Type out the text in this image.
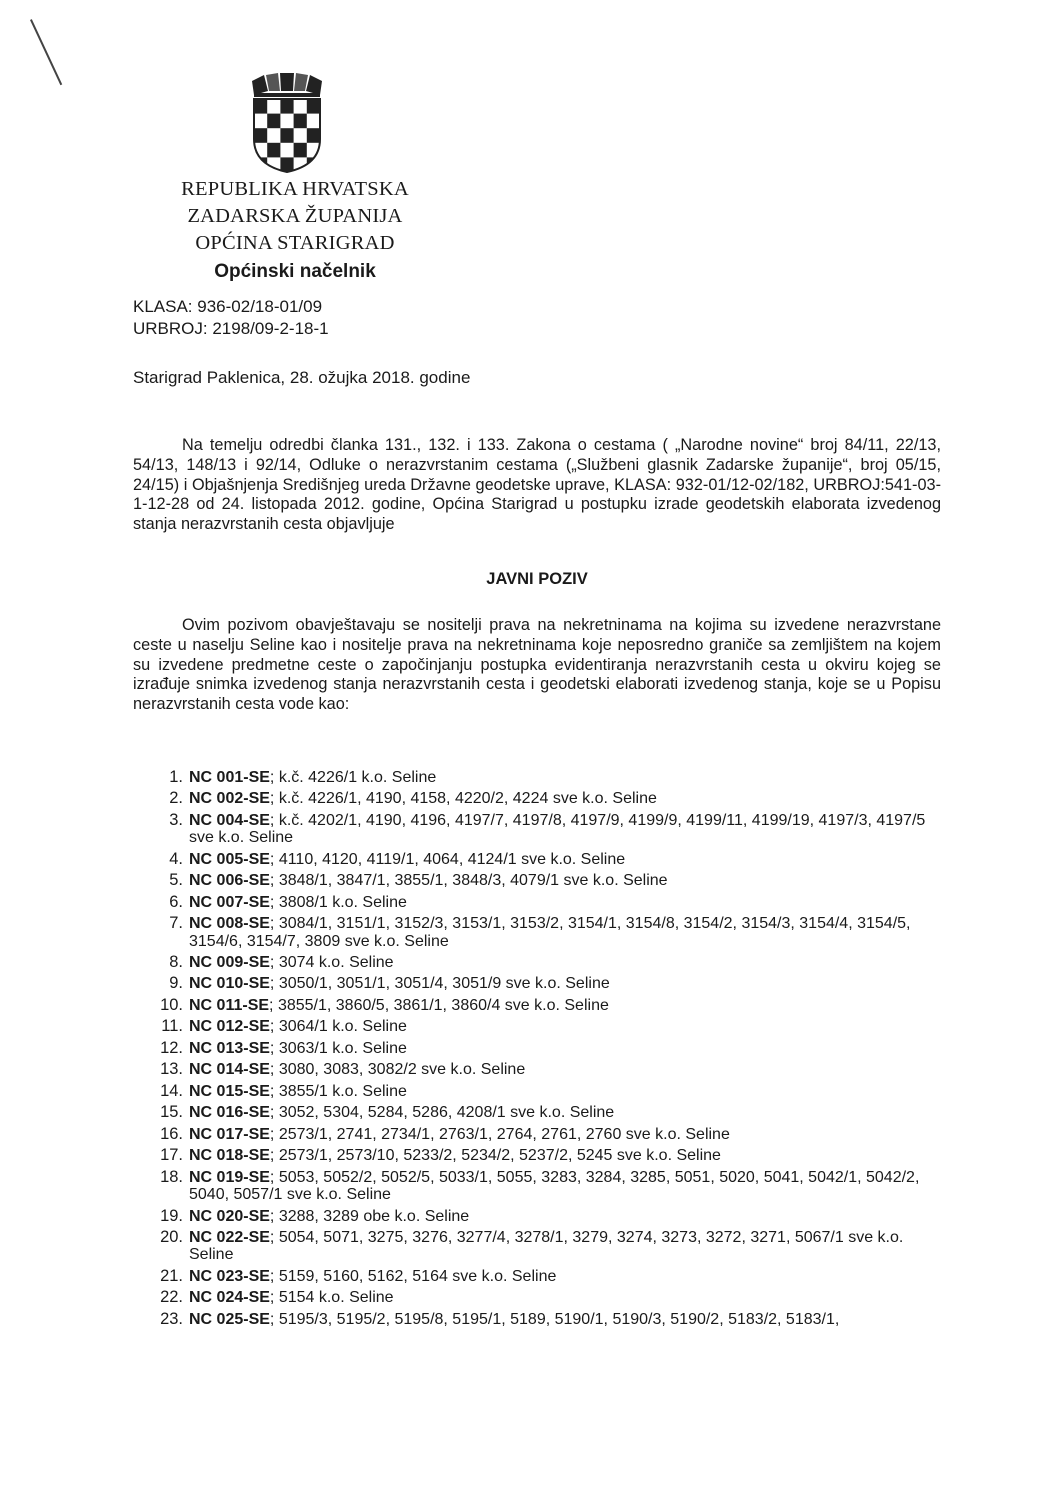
REPUBLIKA HRVATSKA
ZADARSKA ŽUPANIJA
OPĆINA STARIGRAD
Općinski načelnik
KLASA: 936-02/18-01/09
URBROJ: 2198/09-2-18-1
Starigrad Paklenica, 28. ožujka 2018. godine
Na temelju odredbi članka 131., 132. i 133. Zakona o cestama ( „Narodne novine“ broj 84/11, 22/13, 54/13, 148/13 i 92/14, Odluke o nerazvrstanim cestama („Službeni glasnik Zadarske županije“, broj 05/15, 24/15) i Objašnjenja Središnjeg ureda Državne geodetske uprave, KLASA: 932-01/12-02/182, URBROJ:541-03-1-12-28 od 24. listopada 2012. godine, Općina Starigrad u postupku izrade geodetskih elaborata izvedenog stanja nerazvrstanih cesta objavljuje
JAVNI POZIV
Ovim pozivom obavještavaju se nositelji prava na nekretninama na kojima su izvedene nerazvrstane ceste u naselju Seline kao i nositelje prava na nekretninama koje neposredno graniče sa zemljištem na kojem su izvedene predmetne ceste o započinjanju postupka evidentiranja nerazvrstanih cesta u okviru kojeg se izrađuje snimka izvedenog stanja nerazvrstanih cesta i geodetski elaborati izvedenog stanja, koje se u Popisu nerazvrstanih cesta vode kao:
1. NC 001-SE; k.č. 4226/1 k.o. Seline
2. NC 002-SE; k.č. 4226/1, 4190, 4158, 4220/2, 4224 sve k.o. Seline
3. NC 004-SE; k.č. 4202/1, 4190, 4196, 4197/7, 4197/8, 4197/9, 4199/9, 4199/11, 4199/19, 4197/3, 4197/5 sve k.o. Seline
4. NC 005-SE; 4110, 4120, 4119/1, 4064, 4124/1 sve k.o. Seline
5. NC 006-SE; 3848/1, 3847/1, 3855/1, 3848/3, 4079/1 sve k.o. Seline
6. NC 007-SE; 3808/1 k.o. Seline
7. NC 008-SE; 3084/1, 3151/1, 3152/3, 3153/1, 3153/2, 3154/1, 3154/8, 3154/2, 3154/3, 3154/4, 3154/5, 3154/6, 3154/7, 3809 sve k.o. Seline
8. NC 009-SE; 3074 k.o. Seline
9. NC 010-SE; 3050/1, 3051/1, 3051/4, 3051/9 sve k.o. Seline
10. NC 011-SE; 3855/1, 3860/5, 3861/1, 3860/4 sve k.o. Seline
11. NC 012-SE; 3064/1 k.o. Seline
12. NC 013-SE; 3063/1 k.o. Seline
13. NC 014-SE; 3080, 3083, 3082/2 sve k.o. Seline
14. NC 015-SE; 3855/1 k.o. Seline
15. NC 016-SE; 3052, 5304, 5284, 5286, 4208/1 sve k.o. Seline
16. NC 017-SE; 2573/1, 2741, 2734/1, 2763/1, 2764, 2761, 2760 sve k.o. Seline
17. NC 018-SE; 2573/1, 2573/10, 5233/2, 5234/2, 5237/2, 5245 sve k.o. Seline
18. NC 019-SE; 5053, 5052/2, 5052/5, 5033/1, 5055, 3283, 3284, 3285, 5051, 5020, 5041, 5042/1, 5042/2, 5040, 5057/1 sve k.o. Seline
19. NC 020-SE; 3288, 3289 obe k.o. Seline
20. NC 022-SE; 5054, 5071, 3275, 3276, 3277/4, 3278/1, 3279, 3274, 3273, 3272, 3271, 5067/1 sve k.o. Seline
21. NC 023-SE; 5159, 5160, 5162, 5164 sve k.o. Seline
22. NC 024-SE; 5154 k.o. Seline
23. NC 025-SE; 5195/3, 5195/2, 5195/8, 5195/1, 5189, 5190/1, 5190/3, 5190/2, 5183/2, 5183/1,
